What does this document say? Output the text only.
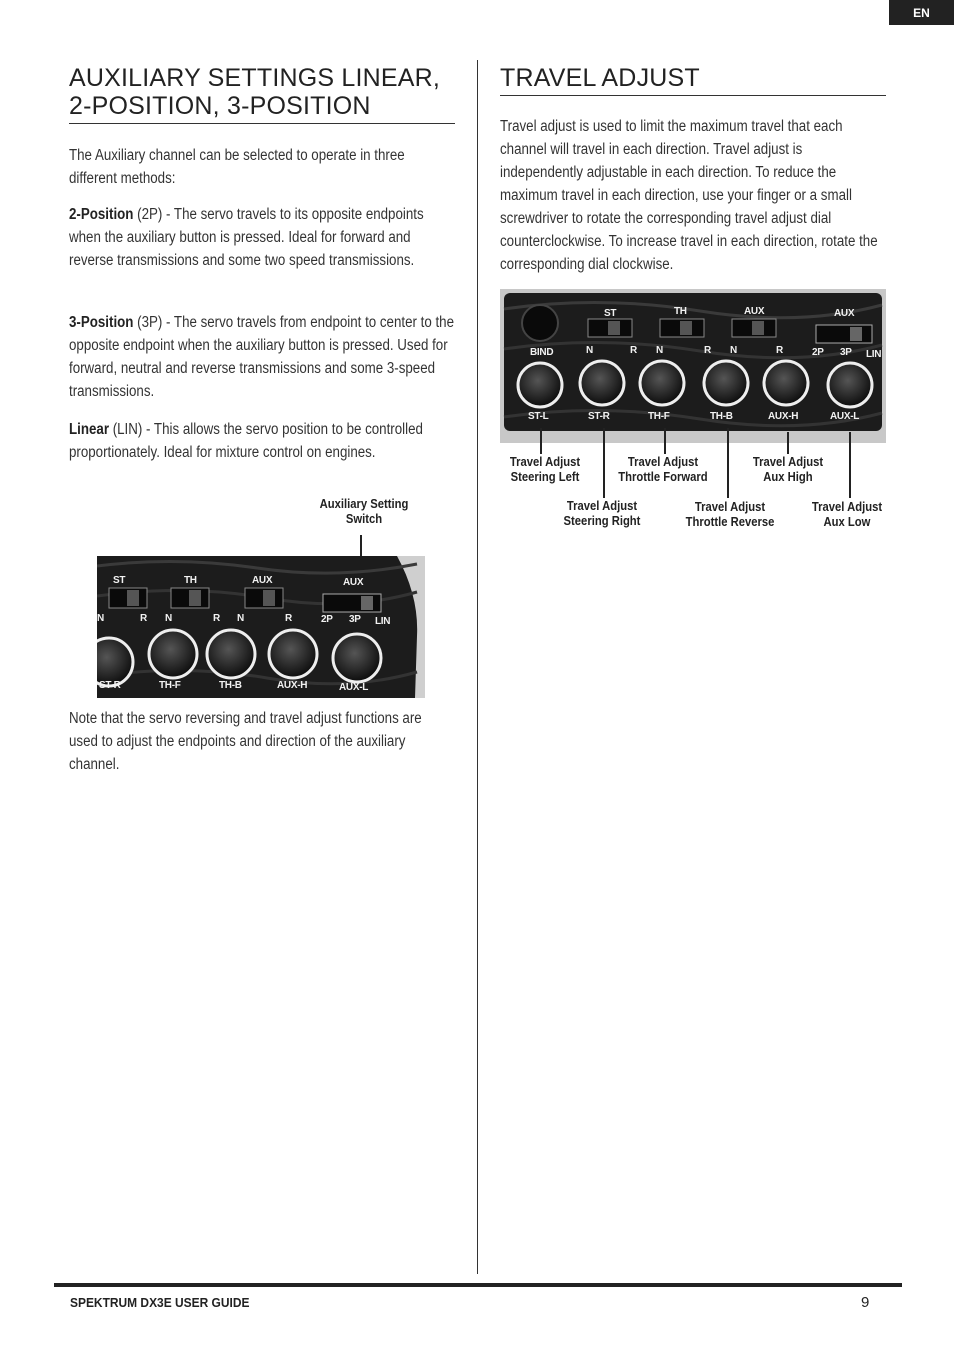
EN
AUXILIARY SETTINGS LINEAR,
2-POSITION, 3-POSITION

The Auxiliary channel can be selected to operate in three different methods:

2-Position (2P) - The servo travels to its opposite endpoints when the auxiliary button is pressed. Ideal for forward and reverse transmissions and some two speed transmissions.

3-Position (3P) - The servo travels from endpoint to center to the opposite endpoint when the auxiliary button is pressed. Used for forward, neutral and reverse transmissions and some 3-speed transmissions.

Linear (LIN) - This allows the servo position to be controlled proportionately. Ideal for mixture control on engines.

Note that the servo reversing and travel adjust functions are used to adjust the endpoints and direction of the auxiliary channel.

Auxiliary Setting
Switch
ST	TH	AUX	AUX
N	R N	R N	R	2P 3P LIN
ST-R	TH-F	TH-B	AUX-H	AUX-L
TRAVEL ADJUST

Travel adjust is used to limit the maximum travel that each channel will travel in each direction. Travel adjust is independently adjustable in each direction. To reduce the maximum travel in each direction, use your finger or a small screwdriver to rotate the corresponding travel adjust dial counterclockwise. To increase travel in each direction, rotate the corresponding dial clockwise.

BIND
ST	TH	AUX	AUX
N	R N	R N	R	2P 3P LIN
ST-L	ST-R	TH-F	TH-B	AUX-H	AUX-L
Travel Adjust
Steering Left
Travel Adjust
Throttle Forward
Travel Adjust
Aux High
Travel Adjust
Steering Right
Travel Adjust
Throttle Reverse
Travel Adjust
Aux Low
SPEKTRUM DX3E USER GUIDE	9
